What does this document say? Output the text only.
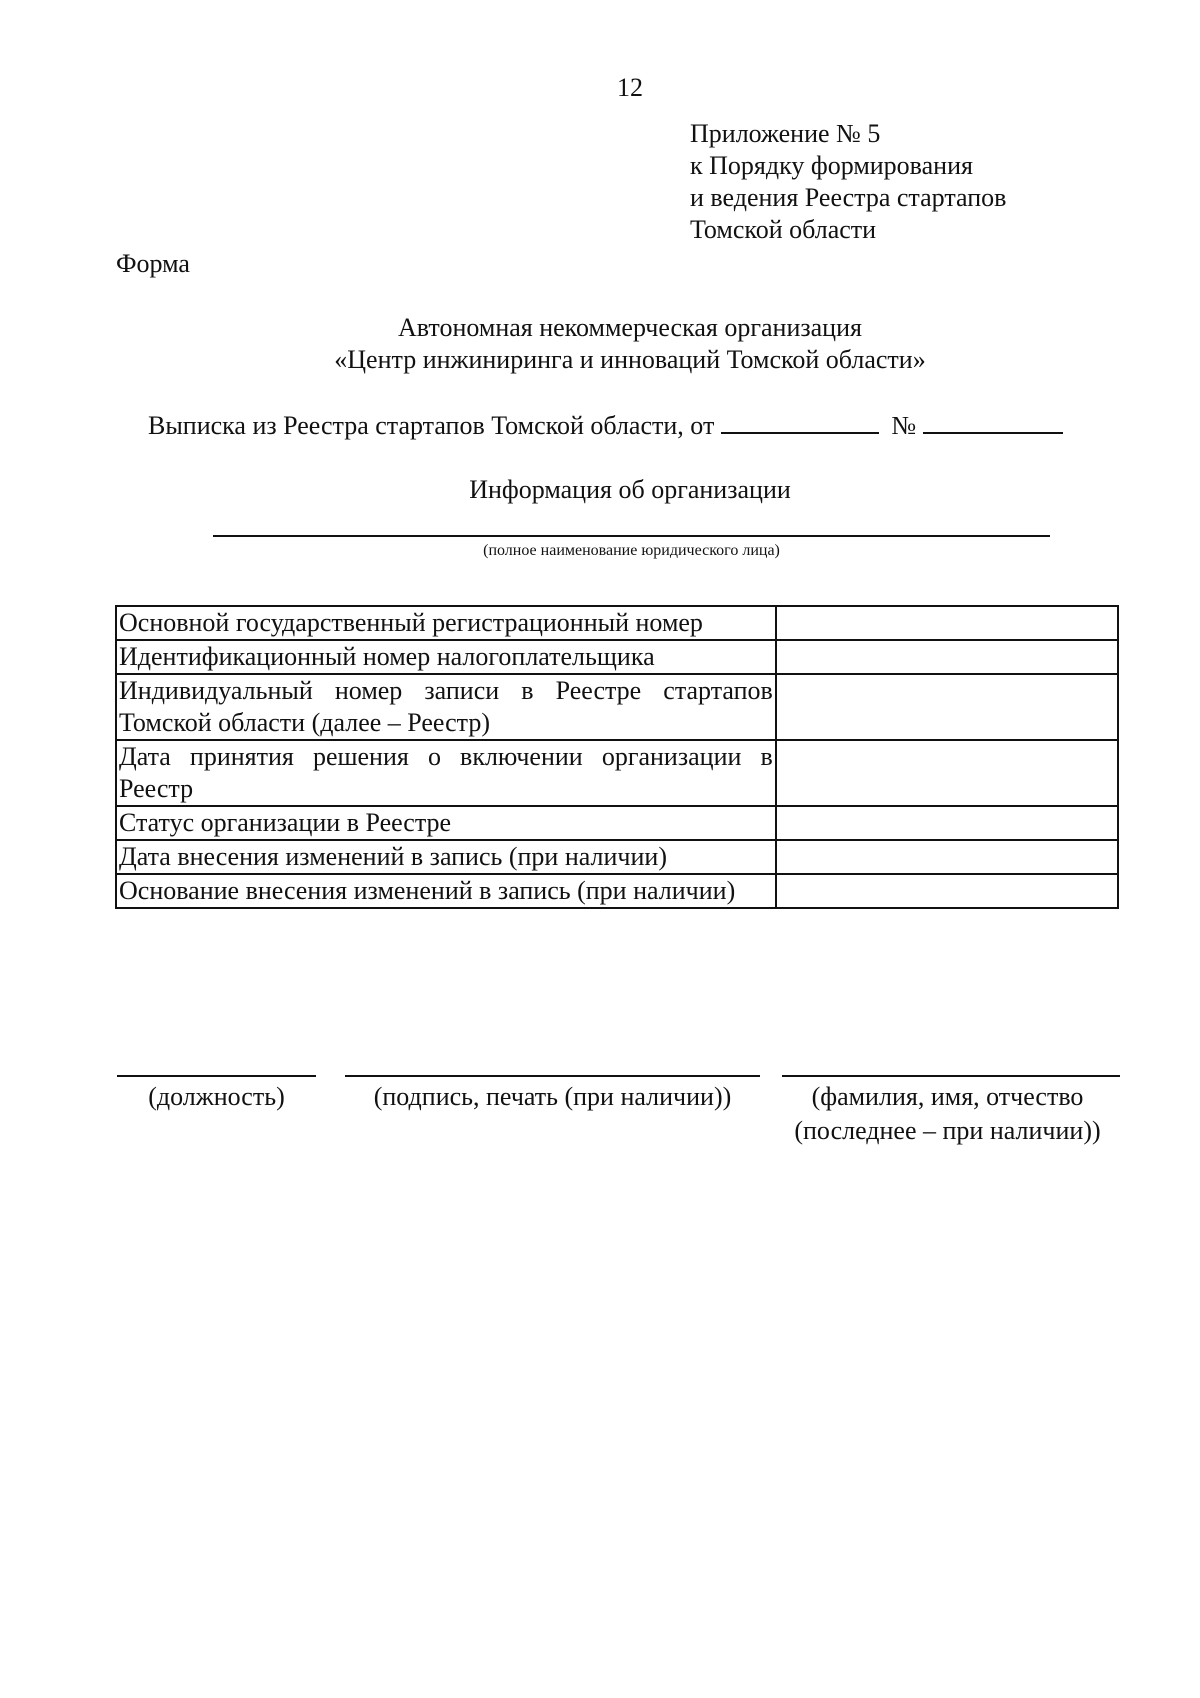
12
Приложение № 5
к Порядку формирования
и ведения Реестра стартапов
Томской области
Форма
Автономная некоммерческая организация
«Центр инжиниринга и инноваций Томской области»
Выписка из Реестра стартапов Томской области, от	№
Информация об организации
(полное наименование юридического лица)
Основной государственный регистрационный номер	
Идентификационный номер налогоплательщика	
Индивидуальный номер записи в Реестре стартапов Томской области (далее – Реестр)	
Дата принятия решения о включении организации в Реестр	
Статус организации в Реестре	
Дата внесения изменений в запись (при наличии)	
Основание внесения изменений в запись (при наличии)	
(должность)	(подпись, печать (при наличии))	(фамилия, имя, отчество
(последнее – при наличии))
